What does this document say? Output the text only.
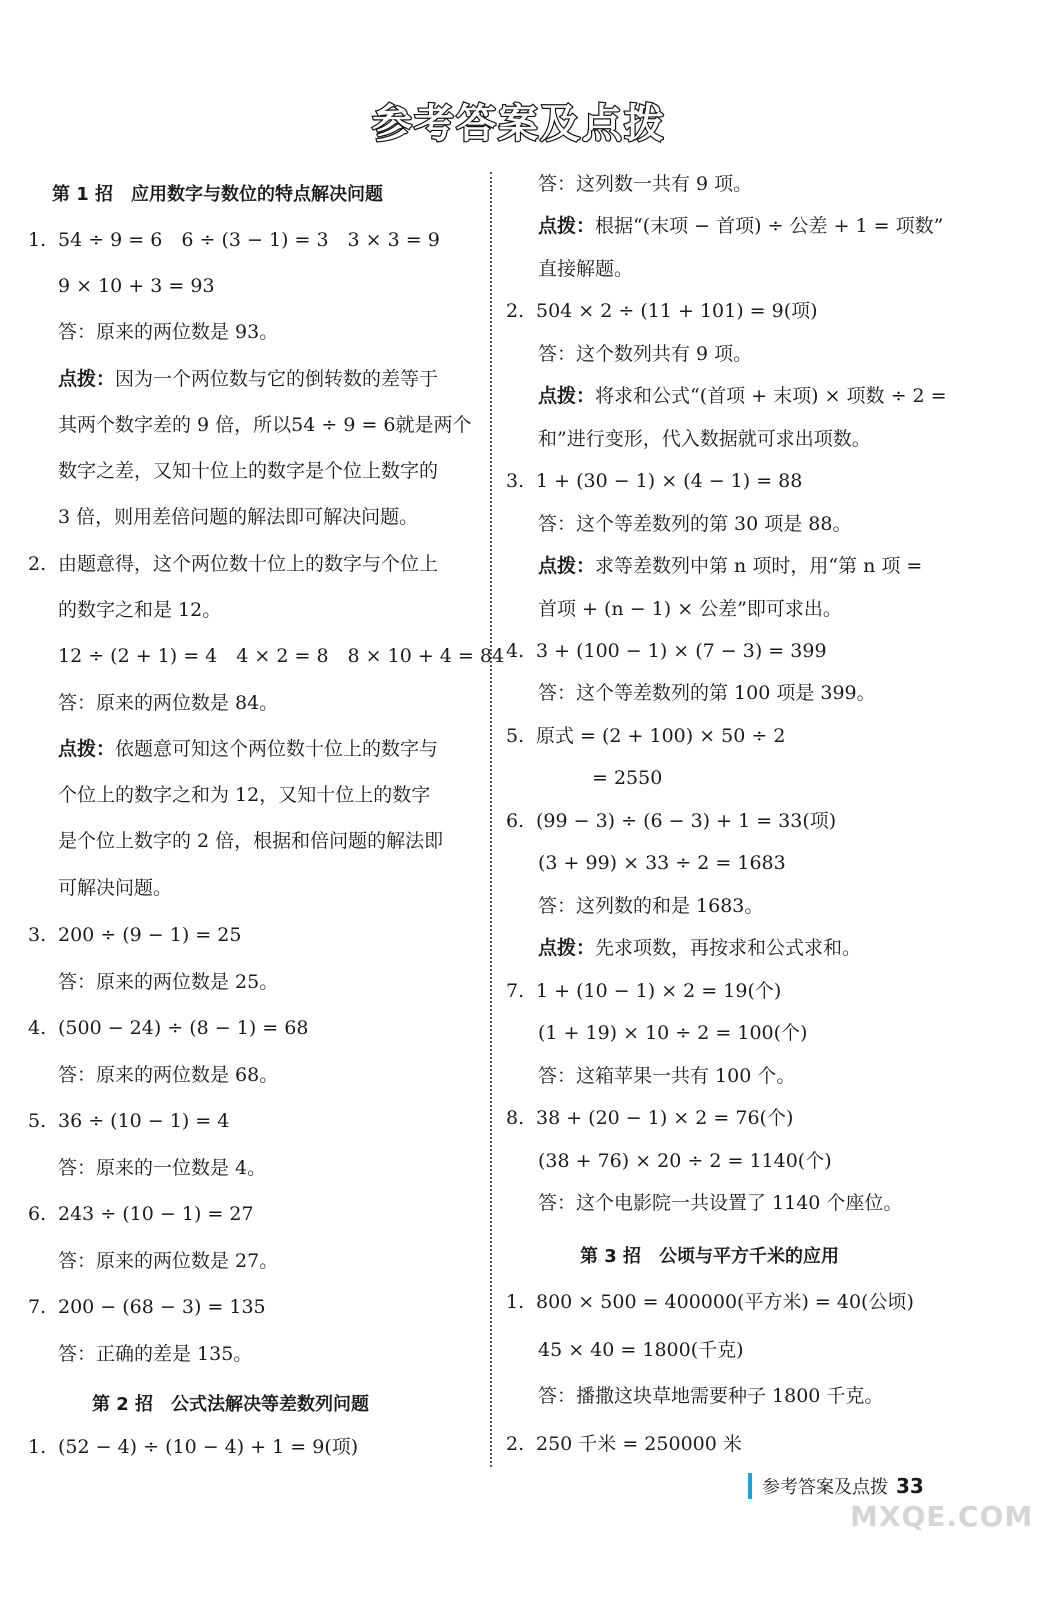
参考答案及点拨
第 1 招　应用数字与数位的特点解决问题
1. 54 ÷ 9 = 6　6 ÷ (3 − 1) = 3　3 × 3 = 9
9 × 10 + 3 = 93
答：原来的两位数是 93。
点拨：因为一个两位数与它的倒转数的差等于
其两个数字差的 9 倍，所以54 ÷ 9 = 6就是两个
数字之差，又知十位上的数字是个位上数字的
3 倍，则用差倍问题的解法即可解决问题。
2. 由题意得，这个两位数十位上的数字与个位上
的数字之和是 12。
12 ÷ (2 + 1) = 4　4 × 2 = 8　8 × 10 + 4 = 84
答：原来的两位数是 84。
点拨：依题意可知这个两位数十位上的数字与
个位上的数字之和为 12，又知十位上的数字
是个位上数字的 2 倍，根据和倍问题的解法即
可解决问题。
3. 200 ÷ (9 − 1) = 25
答：原来的两位数是 25。
4. (500 − 24) ÷ (8 − 1) = 68
答：原来的两位数是 68。
5. 36 ÷ (10 − 1) = 4
答：原来的一位数是 4。
6. 243 ÷ (10 − 1) = 27
答：原来的两位数是 27。
7. 200 − (68 − 3) = 135
答：正确的差是 135。
第 2 招　公式法解决等差数列问题
1. (52 − 4) ÷ (10 − 4) + 1 = 9(项)
答：这列数一共有 9 项。
点拨：根据“(末项 − 首项) ÷ 公差 + 1 = 项数”
直接解题。
2. 504 × 2 ÷ (11 + 101) = 9(项)
答：这个数列共有 9 项。
点拨：将求和公式“(首项 + 末项) × 项数 ÷ 2 =
和”进行变形，代入数据就可求出项数。
3. 1 + (30 − 1) × (4 − 1) = 88
答：这个等差数列的第 30 项是 88。
点拨：求等差数列中第 n 项时，用“第 n 项 =
首项 + (n − 1) × 公差”即可求出。
4. 3 + (100 − 1) × (7 − 3) = 399
答：这个等差数列的第 100 项是 399。
5. 原式 = (2 + 100) × 50 ÷ 2
= 2550
6. (99 − 3) ÷ (6 − 3) + 1 = 33(项)
(3 + 99) × 33 ÷ 2 = 1683
答：这列数的和是 1683。
点拨：先求项数，再按求和公式求和。
7. 1 + (10 − 1) × 2 = 19(个)
(1 + 19) × 10 ÷ 2 = 100(个)
答：这箱苹果一共有 100 个。
8. 38 + (20 − 1) × 2 = 76(个)
(38 + 76) × 20 ÷ 2 = 1140(个)
答：这个电影院一共设置了 1140 个座位。
第 3 招　公顷与平方千米的应用
1. 800 × 500 = 400000(平方米) = 40(公顷)
45 × 40 = 1800(千克)
答：播撒这块草地需要种子 1800 千克。
2. 250 千米 = 250000 米
参考答案及点拨 33
MXQE.COM
